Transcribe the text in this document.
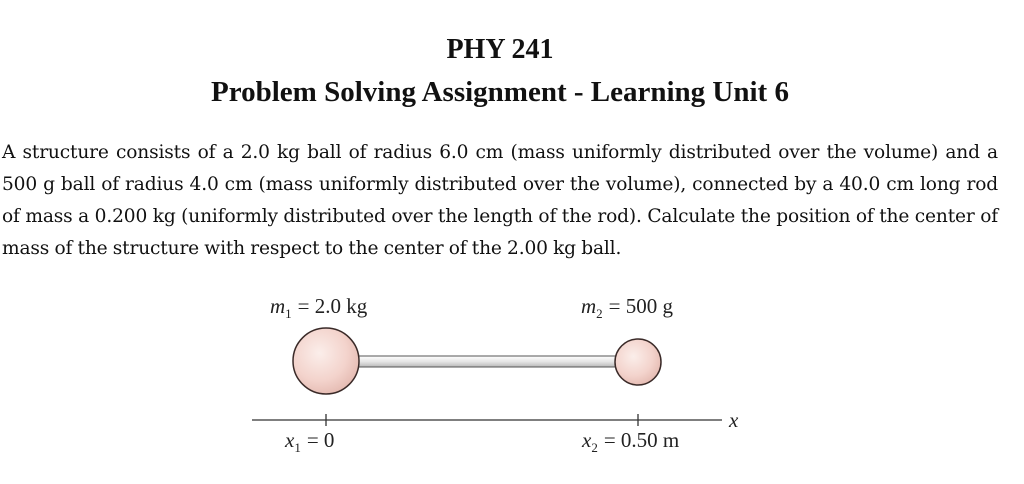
PHY 241
Problem Solving Assignment - Learning Unit 6
A structure consists of a 2.0 kg ball of radius 6.0 cm (mass uniformly distributed over the volume) and a 500 g ball of radius 4.0 cm (mass uniformly distributed over the volume), connected by a 40.0 cm long rod of mass a 0.200 kg (uniformly distributed over the length of the rod). Calculate the position of the center of mass of the structure with respect to the center of the 2.00 kg ball.
$m_1 = 2.0$ kg	$m_2 = 500$ g
x
$x_1 = 0$	$x_2 = 0.50$ m
